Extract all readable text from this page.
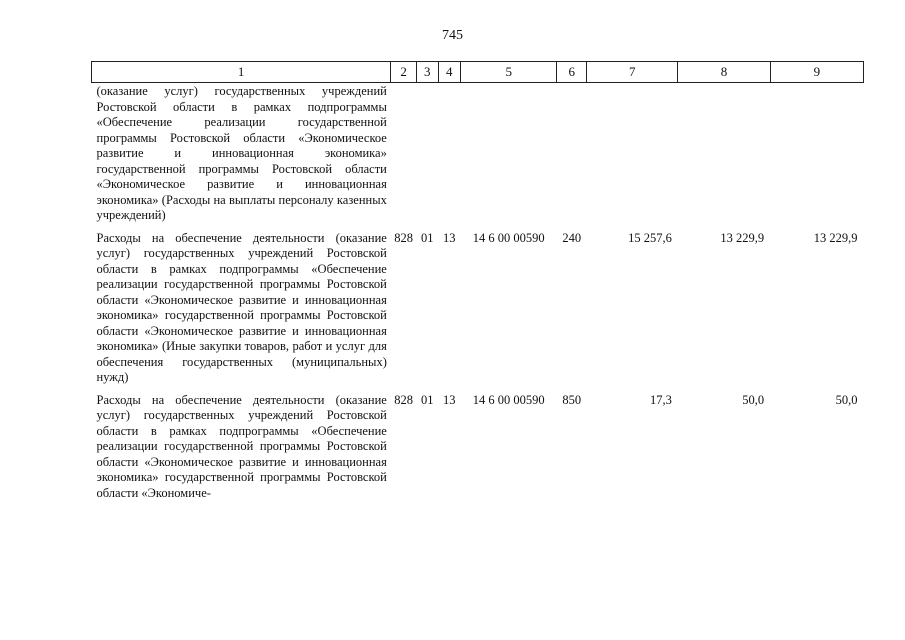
745
1	2	3	4	5	6	7	8	9
(оказание услуг) государственных учреждений Ростовской области в рамках подпрограммы «Обеспечение реализации государственной программы Ростовской области «Экономическое развитие и инновационная экономика» государственной программы Ростовской области «Экономическое развитие и инновационная экономика» (Расходы на выплаты персоналу казенных учреждений)								
Расходы на обеспечение деятельности (оказание услуг) государственных учреждений Ростовской области в рамках подпрограммы «Обеспечение реализации государственной программы Ростовской области «Экономическое развитие и инновационная экономика» государственной программы Ростовской области «Экономическое развитие и инновационная экономика» (Иные закупки товаров, работ и услуг для обеспечения государственных (муниципальных) нужд)	828	01	13	14 6 00 00590	240	15 257,6	13 229,9	13 229,9
Расходы на обеспечение деятельности (оказание услуг) государственных учреждений Ростовской области в рамках подпрограммы «Обеспечение реализации государственной программы Ростовской области «Экономическое развитие и инновационная экономика» государственной программы Ростовской области «Экономиче-	828	01	13	14 6 00 00590	850	17,3	50,0	50,0
